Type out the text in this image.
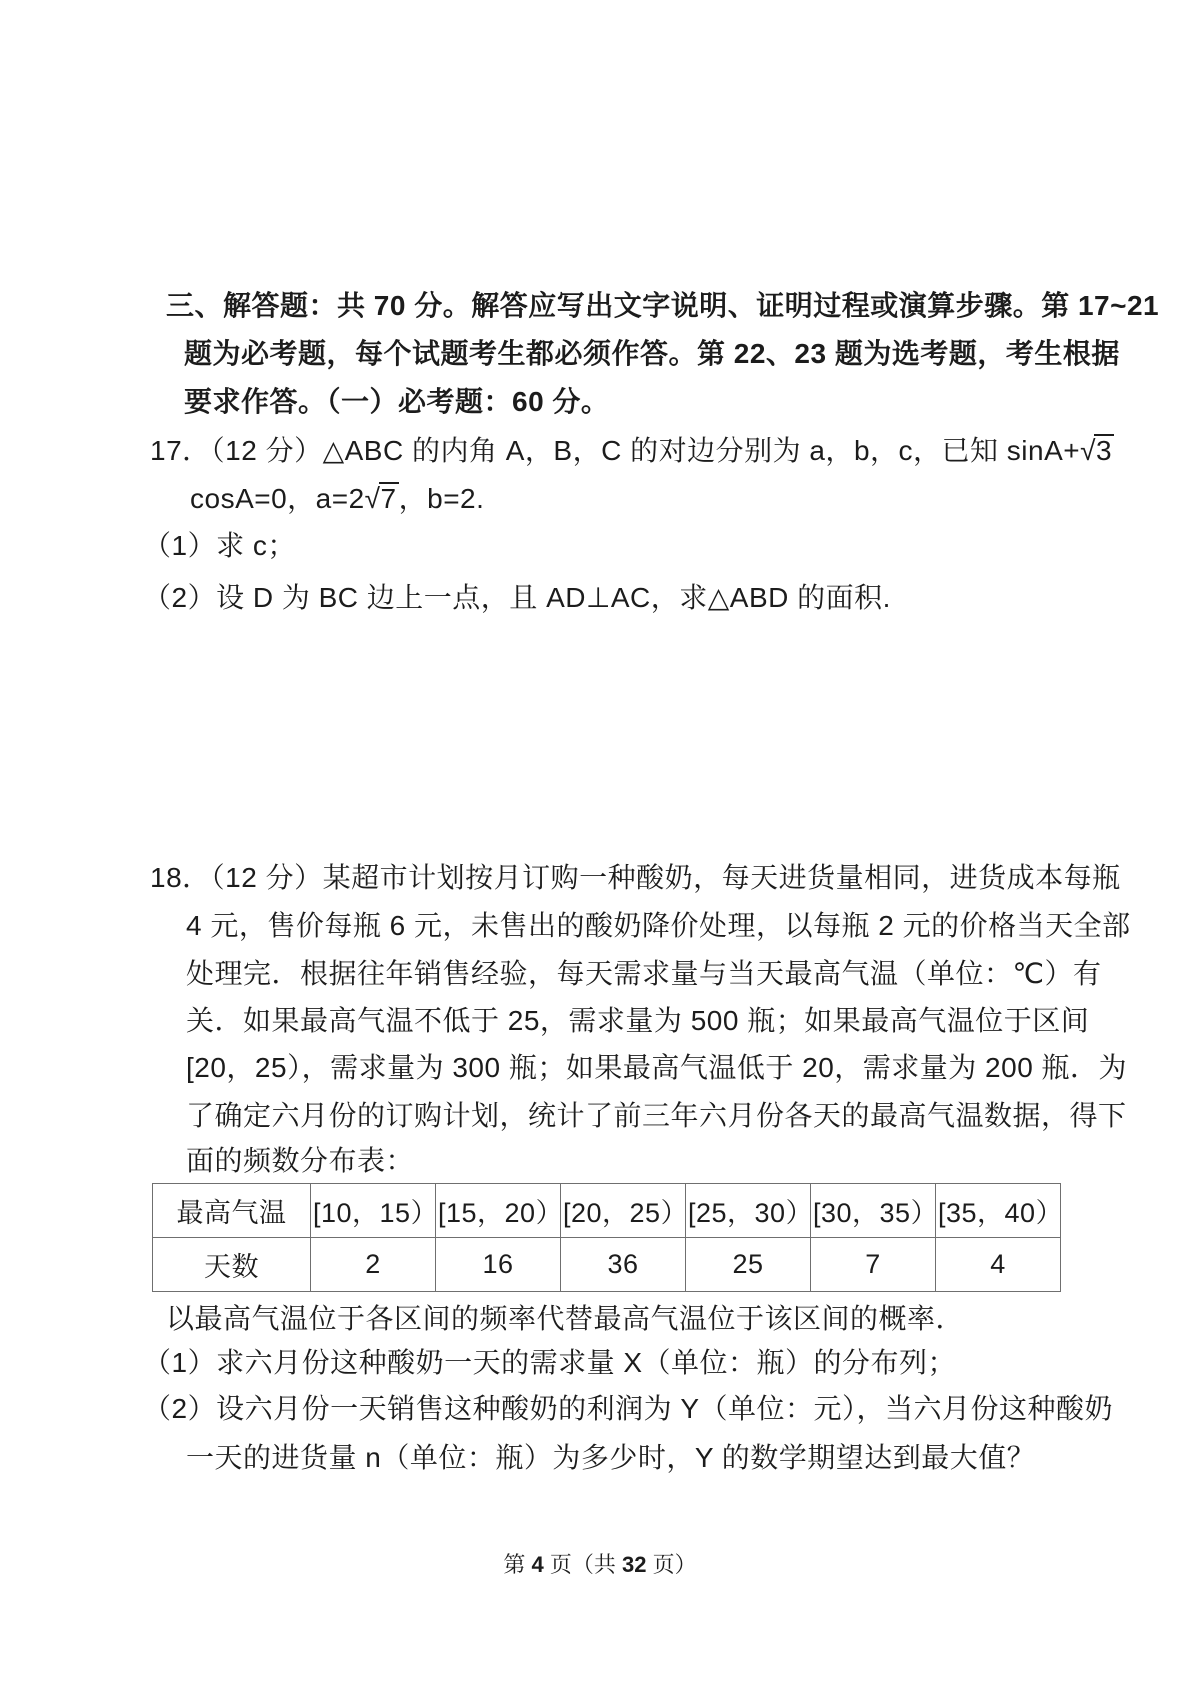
三、解答题：共 70 分。解答应写出文字说明、证明过程或演算步骤。第 17~21
题为必考题，每个试题考生都必须作答。第 22、23 题为选考题，考生根据
要求作答。（一）必考题：60 分。
17．（12 分）△ABC 的内角 A，B，C 的对边分别为 a，b，c，已知 sinA+√3
cosA=0，a=2√7，b=2.
（1）求 c；
（2）设 D 为 BC 边上一点，且 AD⊥AC，求△ABD 的面积.
18．（12 分）某超市计划按月订购一种酸奶，每天进货量相同，进货成本每瓶
4 元，售价每瓶 6 元，未售出的酸奶降价处理，以每瓶 2 元的价格当天全部
处理完．根据往年销售经验，每天需求量与当天最高气温（单位：℃）有
关．如果最高气温不低于 25，需求量为 500 瓶；如果最高气温位于区间
[20，25），需求量为 300 瓶；如果最高气温低于 20，需求量为 200 瓶．为
了确定六月份的订购计划，统计了前三年六月份各天的最高气温数据，得下
面的频数分布表：
最高气温	[10，15）	[15，20）	[20，25）	[25，30）	[30，35）	[35，40）
天数	2	16	36	25	7	4
以最高气温位于各区间的频率代替最高气温位于该区间的概率．
（1）求六月份这种酸奶一天的需求量 X（单位：瓶）的分布列；
（2）设六月份一天销售这种酸奶的利润为 Y（单位：元），当六月份这种酸奶
一天的进货量 n（单位：瓶）为多少时，Y 的数学期望达到最大值？
第 4 页（共 32 页）
